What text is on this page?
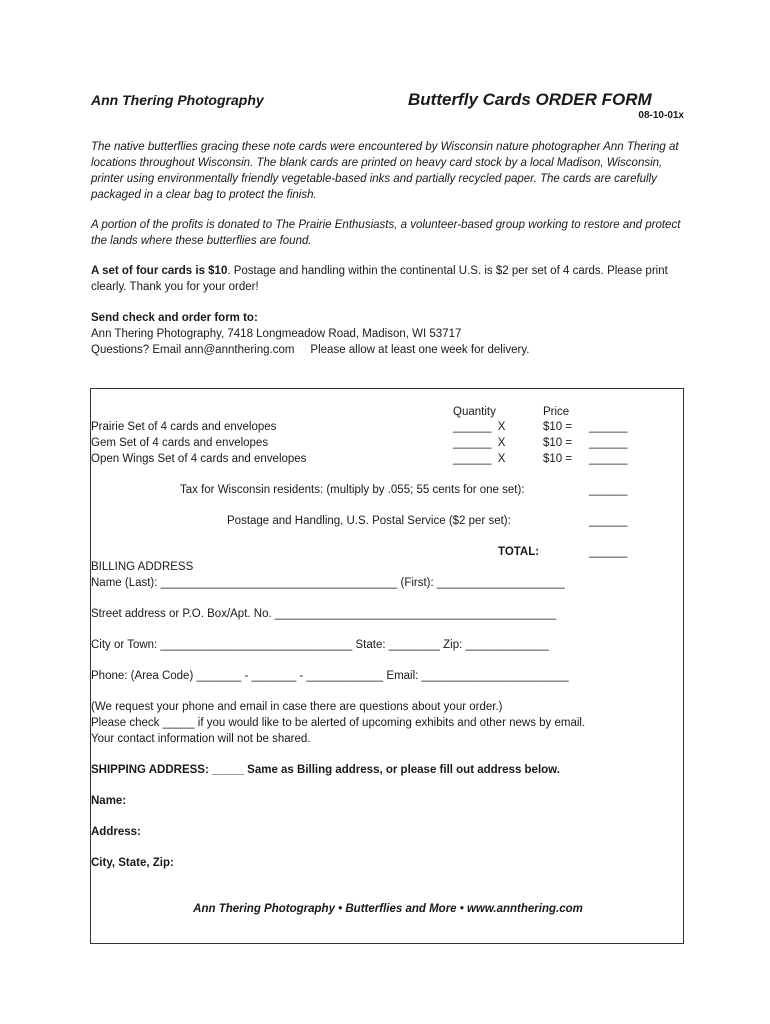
Ann Thering Photography	Butterfly Cards ORDER FORM
08-10-01x
The native butterflies gracing these note cards were encountered by Wisconsin nature photographer Ann Thering at locations throughout Wisconsin. The blank cards are printed on heavy card stock by a local Madison, Wisconsin, printer using environmentally friendly vegetable-based inks and partially recycled paper. The cards are carefully packaged in a clear bag to protect the finish.
A portion of the profits is donated to The Prairie Enthusiasts, a volunteer-based group working to restore and protect the lands where these butterflies are found.
A set of four cards is $10. Postage and handling within the continental U.S. is $2 per set of 4 cards. Please print clearly. Thank you for your order!
Send check and order form to:
Ann Thering Photography, 7418 Longmeadow Road, Madison, WI 53717
Questions? Email ann@annthering.com     Please allow at least one week for delivery.
Quantity	Price
Prairie Set of 4 cards and envelopes	______  X	$10 = ______
Gem Set of 4 cards and envelopes	______  X	$10 = ______
Open Wings Set of 4 cards and envelopes	______  X	$10 = ______
Tax for Wisconsin residents: (multiply by .055; 55 cents for one set):	______
Postage and Handling, U.S. Postal Service ($2 per set):	______
TOTAL:	______
BILLING ADDRESS
Name (Last): _____________________________________ (First): ____________________
Street address or P.O. Box/Apt. No. ____________________________________________
City or Town: ______________________________ State: ________ Zip: _____________
Phone: (Area Code) _______ - _______ - ____________ Email: _______________________
(We request your phone and email in case there are questions about your order.)
Please check _____ if you would like to be alerted of upcoming exhibits and other news by email.
Your contact information will not be shared.
SHIPPING ADDRESS: _____ Same as Billing address, or please fill out address below.
Name:
Address:
City, State, Zip:
Ann Thering Photography • Butterflies and More • www.annthering.com
